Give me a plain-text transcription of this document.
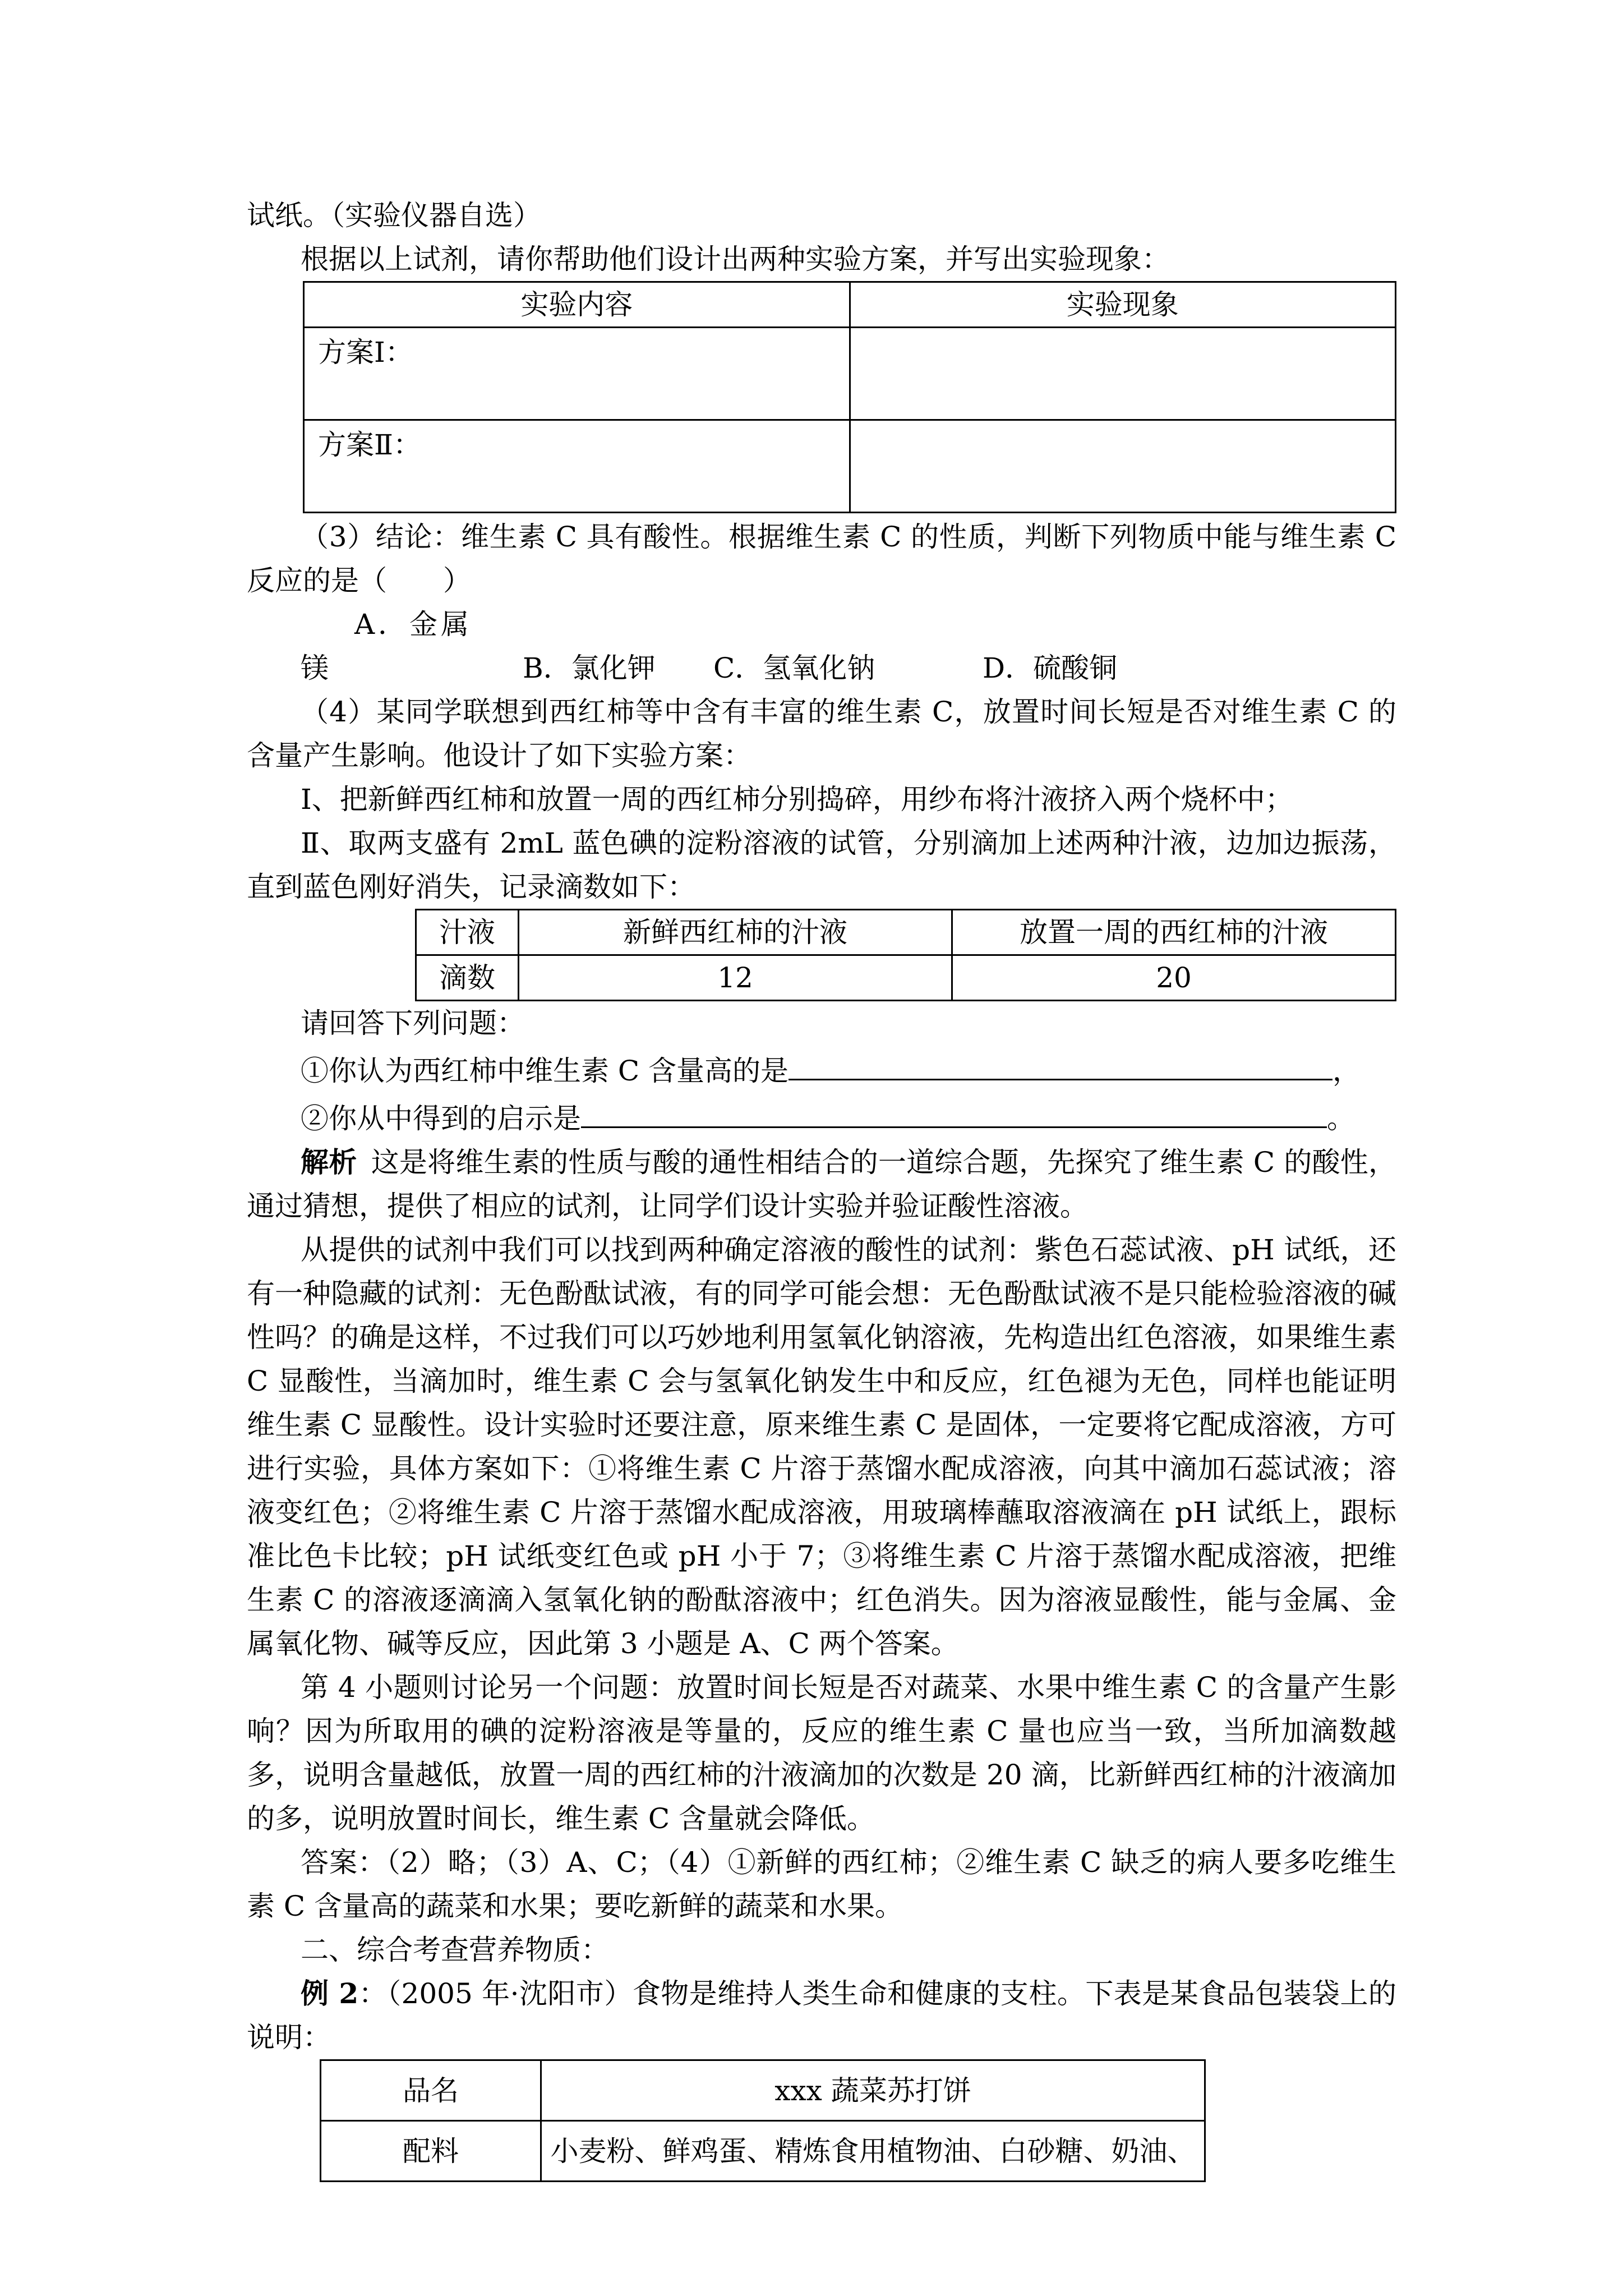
试纸。（实验仪器自选）

根据以上试剂，请你帮助他们设计出两种实验方案，并写出实验现象：

实验内容	实验现象
方案Ⅰ：	
方案Ⅱ：	

（3）结论：维生素 C 具有酸性。根据维生素 C 的性质，判断下列物质中能与维生素 C 反应的是（　　）

A．金属镁	B．氯化钾 C．氢氧化钠	D．硫酸铜

（4）某同学联想到西红柿等中含有丰富的维生素 C，放置时间长短是否对维生素 C 的含量产生影响。他设计了如下实验方案：

Ⅰ、把新鲜西红柿和放置一周的西红柿分别捣碎，用纱布将汁液挤入两个烧杯中；

Ⅱ、取两支盛有 2mL 蓝色碘的淀粉溶液的试管，分别滴加上述两种汁液，边加边振荡，直到蓝色刚好消失，记录滴数如下：

汁液	新鲜西红柿的汁液	放置一周的西红柿的汁液
滴数	12	20

请回答下列问题：

①你认为西红柿中维生素 C 含量高的是	，

②你从中得到的启示是	。

解析  这是将维生素的性质与酸的通性相结合的一道综合题，先探究了维生素 C 的酸性，通过猜想，提供了相应的试剂，让同学们设计实验并验证酸性溶液。

从提供的试剂中我们可以找到两种确定溶液的酸性的试剂：紫色石蕊试液、pH 试纸，还有一种隐藏的试剂：无色酚酞试液，有的同学可能会想：无色酚酞试液不是只能检验溶液的碱性吗？的确是这样，不过我们可以巧妙地利用氢氧化钠溶液，先构造出红色溶液，如果维生素 C 显酸性，当滴加时，维生素 C 会与氢氧化钠发生中和反应，红色褪为无色，同样也能证明维生素 C 显酸性。设计实验时还要注意，原来维生素 C 是固体，一定要将它配成溶液，方可进行实验，具体方案如下：①将维生素 C 片溶于蒸馏水配成溶液，向其中滴加石蕊试液；溶液变红色；②将维生素 C 片溶于蒸馏水配成溶液，用玻璃棒蘸取溶液滴在 pH 试纸上，跟标准比色卡比较；pH 试纸变红色或 pH 小于 7；③将维生素 C 片溶于蒸馏水配成溶液，把维生素 C 的溶液逐滴滴入氢氧化钠的酚酞溶液中；红色消失。因为溶液显酸性，能与金属、金属氧化物、碱等反应，因此第 3 小题是 A、C 两个答案。

第 4 小题则讨论另一个问题：放置时间长短是否对蔬菜、水果中维生素 C 的含量产生影响？因为所取用的碘的淀粉溶液是等量的，反应的维生素 C 量也应当一致，当所加滴数越多，说明含量越低，放置一周的西红柿的汁液滴加的次数是 20 滴，比新鲜西红柿的汁液滴加的多，说明放置时间长，维生素 C 含量就会降低。

答案：（2）略；（3）A、C；（4）①新鲜的西红柿；②维生素 C 缺乏的病人要多吃维生素 C 含量高的蔬菜和水果；要吃新鲜的蔬菜和水果。

二、综合考查营养物质：

例 2：（2005 年·沈阳市）食物是维持人类生命和健康的支柱。下表是某食品包装袋上的说明：

品名	xxx 蔬菜苏打饼
配料	小麦粉、鲜鸡蛋、精炼食用植物油、白砂糖、奶油、
